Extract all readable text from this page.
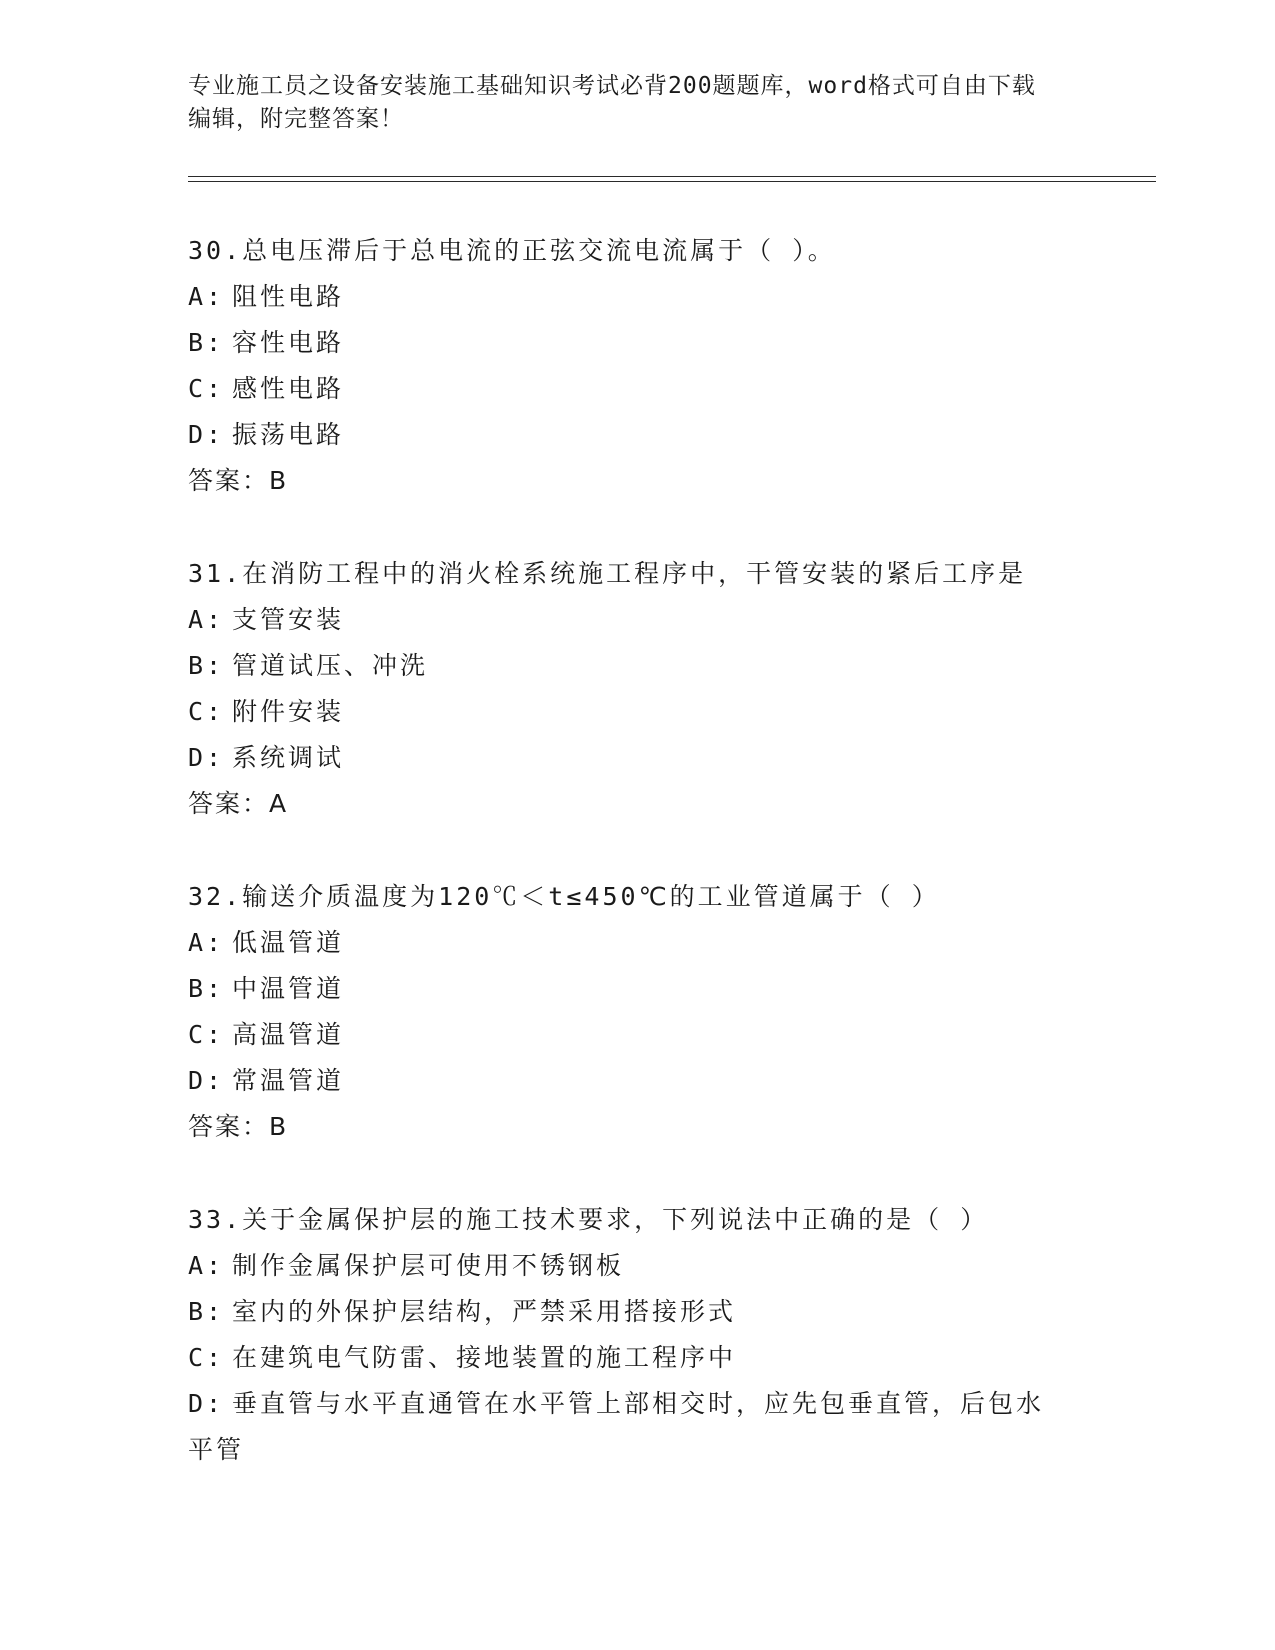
专业施工员之设备安装施工基础知识考试必背200题题库，word格式可自由下载
编辑，附完整答案！
30.总电压滞后于总电流的正弦交流电流属于（ ）。
A: 阻性电路
B: 容性电路
C: 感性电路
D: 振荡电路
答案：B
31.在消防工程中的消火栓系统施工程序中，干管安装的紧后工序是
A: 支管安装
B: 管道试压、冲洗
C: 附件安装
D: 系统调试
答案：A
32.输送介质温度为120℃＜t≤450℃的工业管道属于（ ）
A: 低温管道
B: 中温管道
C: 高温管道
D: 常温管道
答案：B
33.关于金属保护层的施工技术要求，下列说法中正确的是（ ）
A: 制作金属保护层可使用不锈钢板
B: 室内的外保护层结构，严禁采用搭接形式
C: 在建筑电气防雷、接地装置的施工程序中
D: 垂直管与水平直通管在水平管上部相交时，应先包垂直管，后包水
平管
